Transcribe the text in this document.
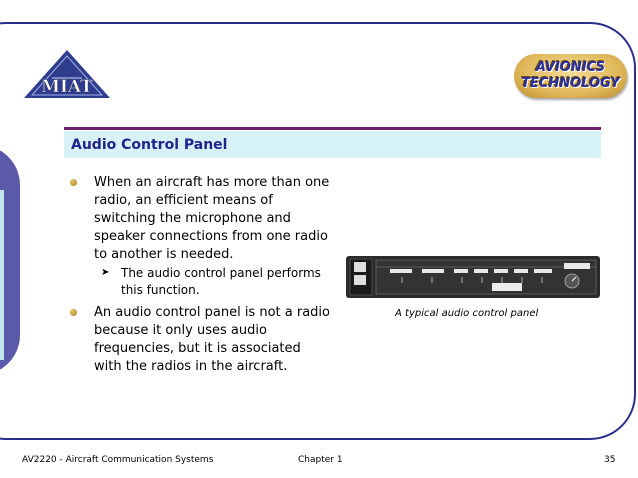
MIAT
AVIONICS
TECHNOLOGY
Audio Control Panel
When an aircraft has more than one
radio, an efficient means of
switching the microphone and
speaker connections from one radio
to another is needed.
➤ The audio control panel performs
this function.
An audio control panel is not a radio
because it only uses audio
frequencies, but it is associated
with the radios in the aircraft.
A typical audio control panel
AV2220 - Aircraft Communication Systems	Chapter 1	35
